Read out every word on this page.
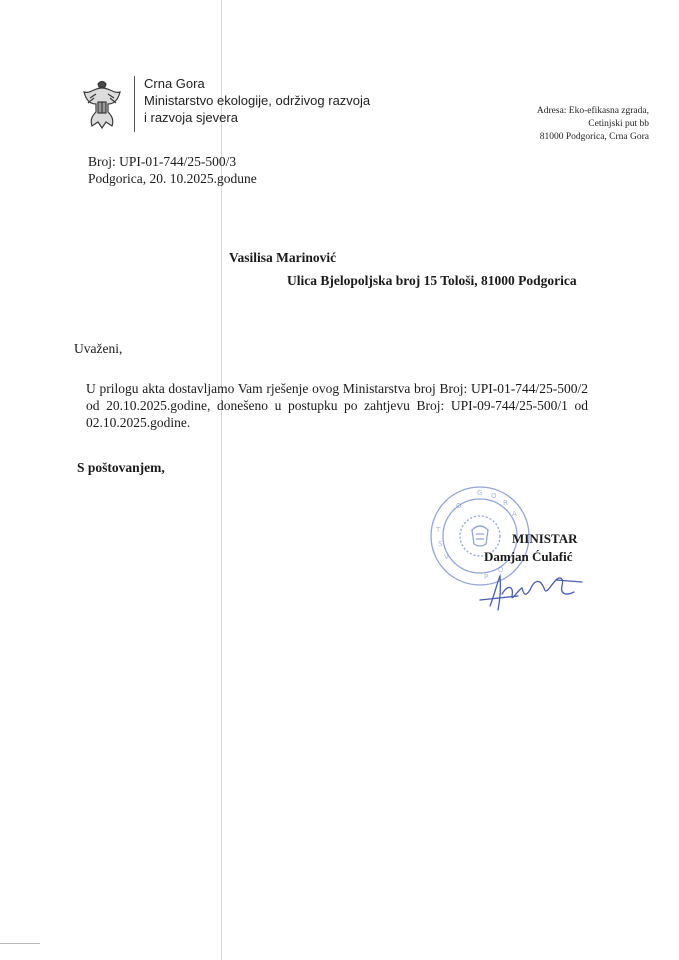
Crna Gora
Ministarstvo ekologije, održivog razvoja
i razvoja sjevera	Adresa: Eko-efikasna zgrada,
Cetinjski put bb
81000 Podgorica, Crna Gora
Broj: UPI-01-744/25-500/3
Podgorica, 20. 10.2025.godune
Vasilisa Marinović
Ulica Bjelopoljska broj 15 Tološi, 81000 Podgorica
Uvaženi,
U prilogu akta dostavljamo Vam rješenje ovog Ministarstva broj Broj: UPI-01-744/25-500/2 od 20.10.2025.godine, donešeno u postupku po zahtjevu Broj: UPI-09-744/25-500/1 od 02.10.2025.godine.
S poštovanjem,
G O
R
A
T
S
V
O
O
P
MINISTAR
Damjan Ćulafić
